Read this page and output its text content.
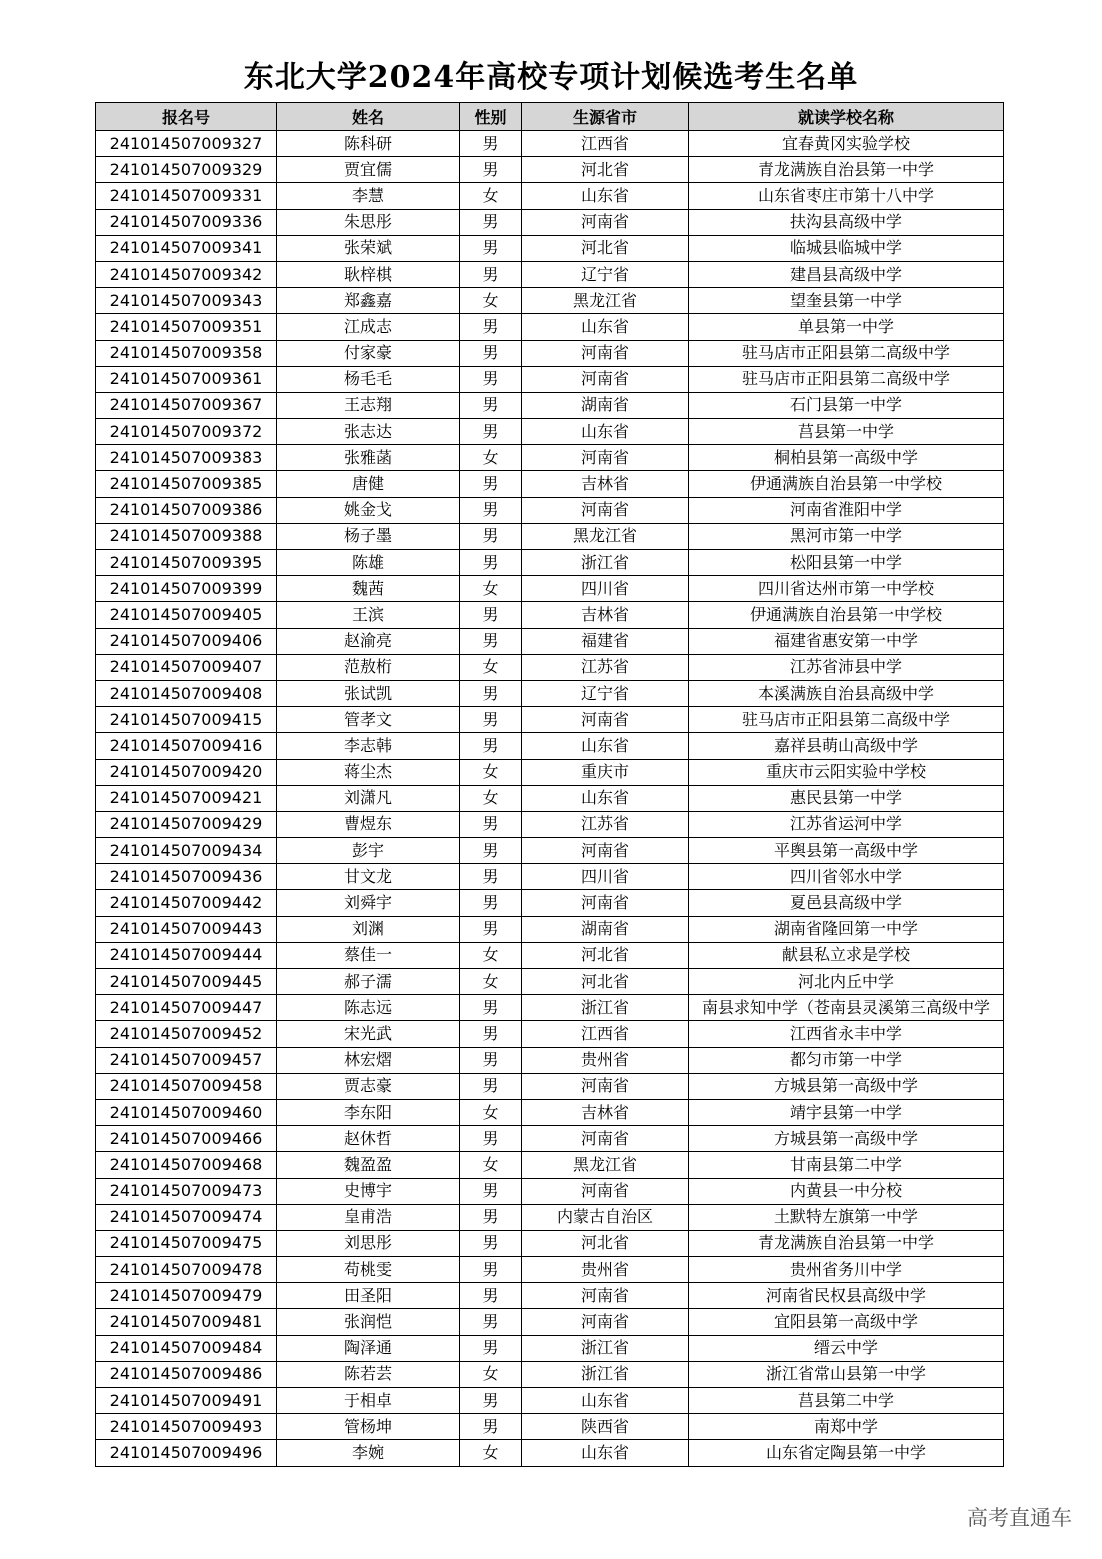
东北大学2024年高校专项计划候选考生名单
报名号	姓名	性别	生源省市	就读学校名称
241014507009327	陈科研	男	江西省	宜春黄冈实验学校
241014507009329	贾宜儒	男	河北省	青龙满族自治县第一中学
241014507009331	李慧	女	山东省	山东省枣庄市第十八中学
241014507009336	朱思彤	男	河南省	扶沟县高级中学
241014507009341	张荣斌	男	河北省	临城县临城中学
241014507009342	耿梓棋	男	辽宁省	建昌县高级中学
241014507009343	郑鑫嘉	女	黑龙江省	望奎县第一中学
241014507009351	江成志	男	山东省	单县第一中学
241014507009358	付家豪	男	河南省	驻马店市正阳县第二高级中学
241014507009361	杨毛毛	男	河南省	驻马店市正阳县第二高级中学
241014507009367	王志翔	男	湖南省	石门县第一中学
241014507009372	张志达	男	山东省	莒县第一中学
241014507009383	张雅菡	女	河南省	桐柏县第一高级中学
241014507009385	唐健	男	吉林省	伊通满族自治县第一中学校
241014507009386	姚金戈	男	河南省	河南省淮阳中学
241014507009388	杨子墨	男	黑龙江省	黑河市第一中学
241014507009395	陈雄	男	浙江省	松阳县第一中学
241014507009399	魏茜	女	四川省	四川省达州市第一中学校
241014507009405	王滨	男	吉林省	伊通满族自治县第一中学校
241014507009406	赵渝亮	男	福建省	福建省惠安第一中学
241014507009407	范敖桁	女	江苏省	江苏省沛县中学
241014507009408	张试凯	男	辽宁省	本溪满族自治县高级中学
241014507009415	管孝文	男	河南省	驻马店市正阳县第二高级中学
241014507009416	李志韩	男	山东省	嘉祥县萌山高级中学
241014507009420	蒋尘杰	女	重庆市	重庆市云阳实验中学校
241014507009421	刘潇凡	女	山东省	惠民县第一中学
241014507009429	曹煜东	男	江苏省	江苏省运河中学
241014507009434	彭宇	男	河南省	平舆县第一高级中学
241014507009436	甘文龙	男	四川省	四川省邻水中学
241014507009442	刘舜宇	男	河南省	夏邑县高级中学
241014507009443	刘渊	男	湖南省	湖南省隆回第一中学
241014507009444	蔡佳一	女	河北省	献县私立求是学校
241014507009445	郝子濡	女	河北省	河北内丘中学
241014507009447	陈志远	男	浙江省	南县求知中学（苍南县灵溪第三高级中学
241014507009452	宋光武	男	江西省	江西省永丰中学
241014507009457	林宏熠	男	贵州省	都匀市第一中学
241014507009458	贾志豪	男	河南省	方城县第一高级中学
241014507009460	李东阳	女	吉林省	靖宇县第一中学
241014507009466	赵休哲	男	河南省	方城县第一高级中学
241014507009468	魏盈盈	女	黑龙江省	甘南县第二中学
241014507009473	史博宇	男	河南省	内黄县一中分校
241014507009474	皇甫浩	男	内蒙古自治区	土默特左旗第一中学
241014507009475	刘思彤	男	河北省	青龙满族自治县第一中学
241014507009478	苟桃雯	男	贵州省	贵州省务川中学
241014507009479	田圣阳	男	河南省	河南省民权县高级中学
241014507009481	张润恺	男	河南省	宜阳县第一高级中学
241014507009484	陶泽通	男	浙江省	缙云中学
241014507009486	陈若芸	女	浙江省	浙江省常山县第一中学
241014507009491	于相卓	男	山东省	莒县第二中学
241014507009493	管杨坤	男	陕西省	南郑中学
241014507009496	李婉	女	山东省	山东省定陶县第一中学
高考直通车
